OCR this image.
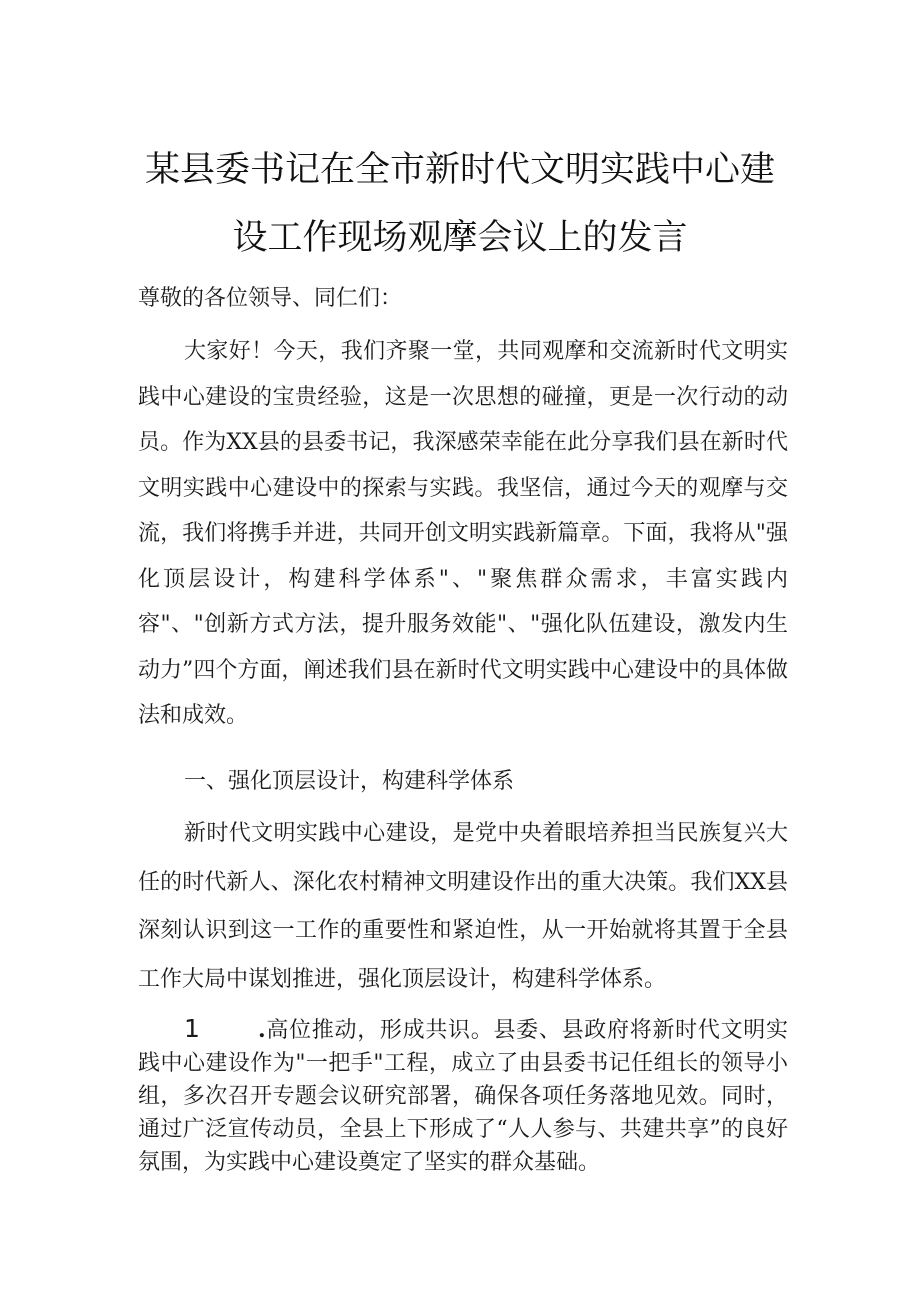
某县委书记在全市新时代文明实践中心建
设工作现场观摩会议上的发言
尊敬的各位领导、同仁们：

大家好！今天，我们齐聚一堂，共同观摩和交流新时代文明实践中心建设的宝贵经验，这是一次思想的碰撞，更是一次行动的动员。作为XX县的县委书记，我深感荣幸能在此分享我们县在新时代文明实践中心建设中的探索与实践。我坚信，通过今天的观摩与交流，我们将携手并进，共同开创文明实践新篇章。下面，我将从"强化顶层设计，构建科学体系"、"聚焦群众需求，丰富实践内容"、"创新方式方法，提升服务效能"、"强化队伍建设，激发内生动力”四个方面，阐述我们县在新时代文明实践中心建设中的具体做法和成效。

一、强化顶层设计，构建科学体系

新时代文明实践中心建设，是党中央着眼培养担当民族复兴大任的时代新人、深化农村精神文明建设作出的重大决策。我们XX县深刻认识到这一工作的重要性和紧迫性，从一开始就将其置于全县工作大局中谋划推进，强化顶层设计，构建科学体系。

1	.高位推动，形成共识。县委、县政府将新时代文明实践中心建设作为"一把手"工程，成立了由县委书记任组长的领导小组，多次召开专题会议研究部署，确保各项任务落地见效。同时，通过广泛宣传动员，全县上下形成了“人人参与、共建共享”的良好氛围，为实践中心建设奠定了坚实的群众基础。
